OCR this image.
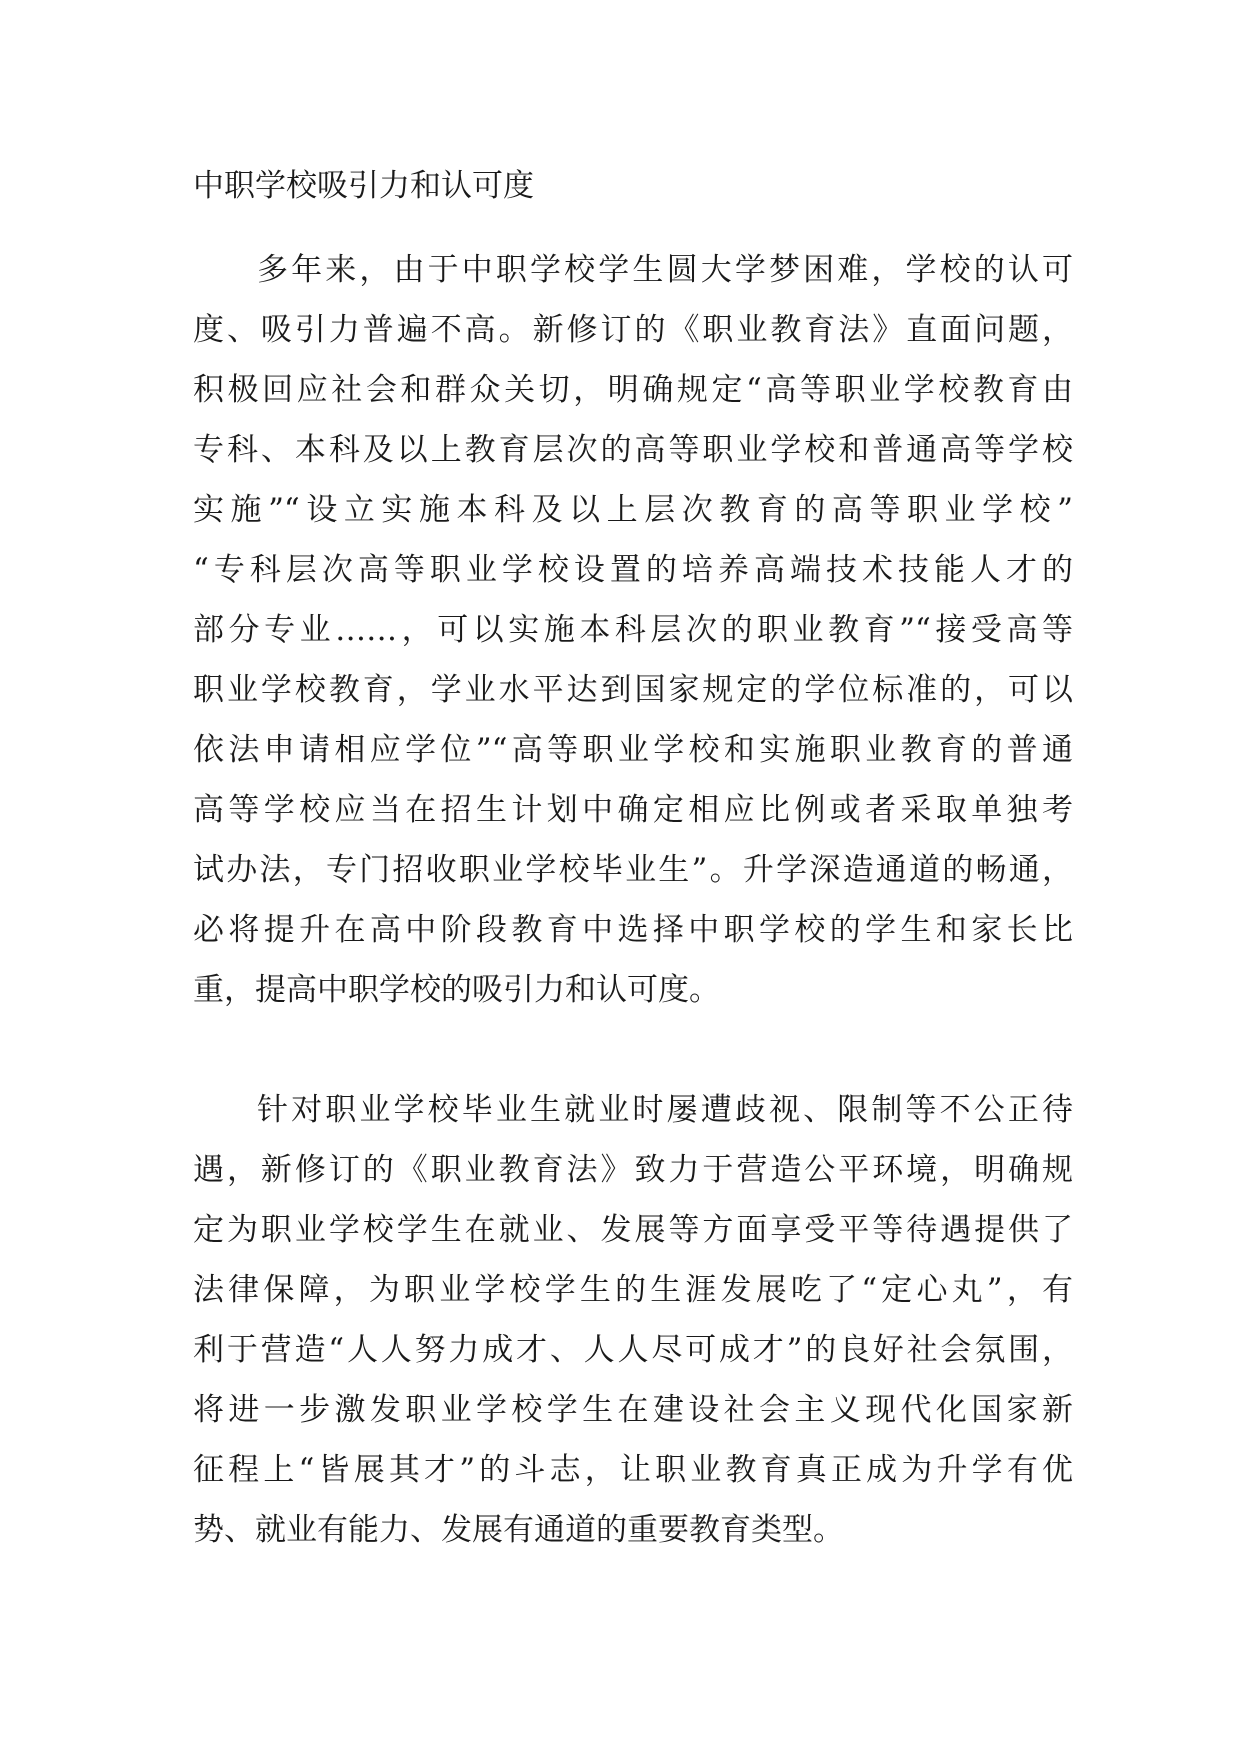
中职学校吸引力和认可度
多年来，由于中职学校学生圆大学梦困难，学校的认可
度、吸引力普遍不高。新修订的《职业教育法》直面问题，
积极回应社会和群众关切，明确规定“高等职业学校教育由
专科、本科及以上教育层次的高等职业学校和普通高等学校
实施”“设立实施本科及以上层次教育的高等职业学校”
“专科层次高等职业学校设置的培养高端技术技能人才的
部分专业……，可以实施本科层次的职业教育”“接受高等
职业学校教育，学业水平达到国家规定的学位标准的，可以
依法申请相应学位”“高等职业学校和实施职业教育的普通
高等学校应当在招生计划中确定相应比例或者采取单独考
试办法，专门招收职业学校毕业生”。升学深造通道的畅通，
必将提升在高中阶段教育中选择中职学校的学生和家长比
重，提高中职学校的吸引力和认可度。
针对职业学校毕业生就业时屡遭歧视、限制等不公正待
遇，新修订的《职业教育法》致力于营造公平环境，明确规
定为职业学校学生在就业、发展等方面享受平等待遇提供了
法律保障，为职业学校学生的生涯发展吃了“定心丸”，有
利于营造“人人努力成才、人人尽可成才”的良好社会氛围，
将进一步激发职业学校学生在建设社会主义现代化国家新
征程上“皆展其才”的斗志，让职业教育真正成为升学有优
势、就业有能力、发展有通道的重要教育类型。
